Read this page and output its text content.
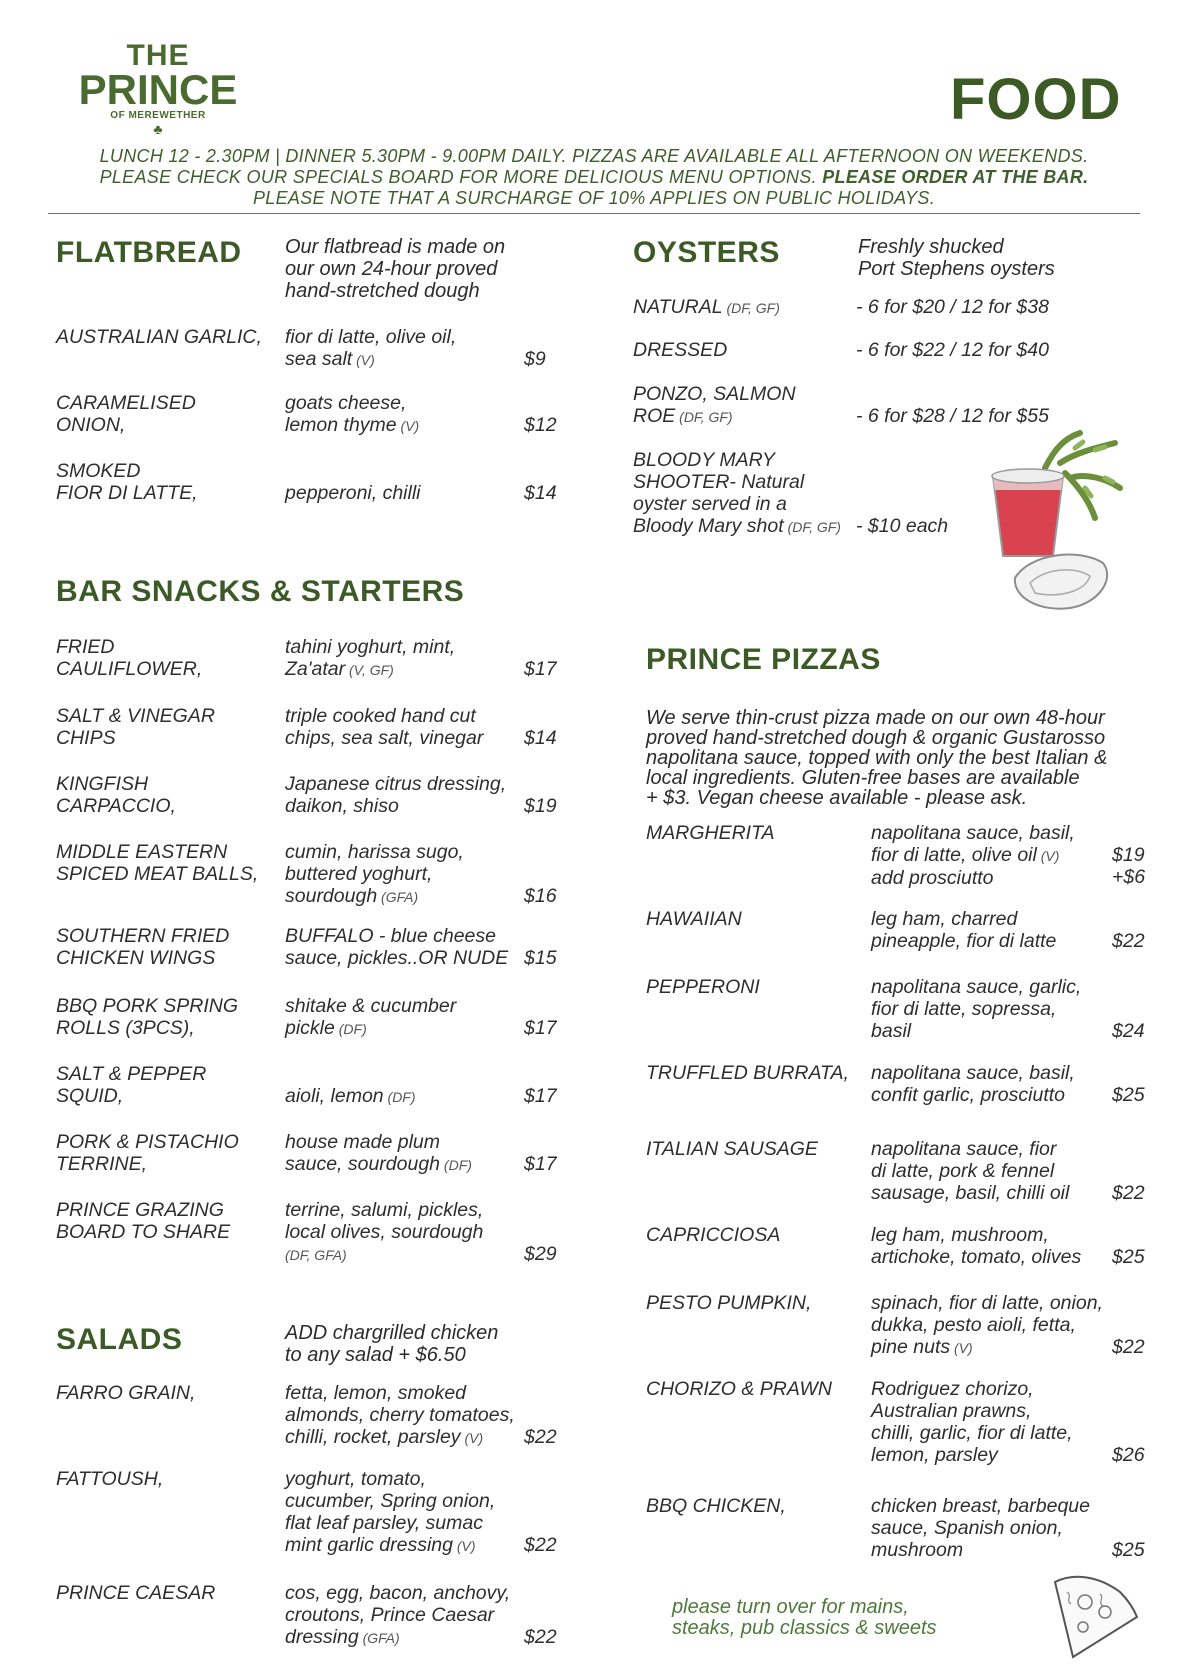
THE
PRINCE
OF MEREWETHER
♣	FOOD
LUNCH 12 - 2.30PM | DINNER 5.30PM - 9.00PM DAILY. PIZZAS ARE AVAILABLE ALL AFTERNOON ON WEEKENDS.
PLEASE CHECK OUR SPECIALS BOARD FOR MORE DELICIOUS MENU OPTIONS. PLEASE ORDER AT THE BAR.
PLEASE NOTE THAT A SURCHARGE OF 10% APPLIES ON PUBLIC HOLIDAYS.
FLATBREAD Our flatbread is made on
our own 24-hour proved
hand-stretched dough
AUSTRALIAN GARLIC,	fior di latte, olive oil,
sea salt (V)	$9
CARAMELISED
ONION,
goats cheese,
lemon thyme (V)	$12
SMOKED
FIOR DI LATTE,
	pepperoni, chilli	$14
BAR SNACKS & STARTERS
FRIED
CAULIFLOWER,
tahini yoghurt, mint,
Za'atar (V, GF)	$17
SALT & VINEGAR
CHIPS
triple cooked hand cut
chips, sea salt, vinegar	$14
KINGFISH
CARPACCIO,
Japanese citrus dressing,
daikon, shiso	$19
MIDDLE EASTERN
SPICED MEAT BALLS,
cumin, harissa sugo,
buttered yoghurt,
sourdough (GFA)	$16
SOUTHERN FRIED
CHICKEN WINGS
BUFFALO - blue cheese
sauce, pickles..OR NUDE $15
BBQ PORK SPRING
ROLLS (3PCS),
shitake & cucumber
pickle (DF)	$17
SALT & PEPPER
SQUID,
	aioli, lemon (DF)	$17
PORK & PISTACHIO
TERRINE,
house made plum
sauce, sourdough (DF)	$17
PRINCE GRAZING
BOARD TO SHARE
terrine, salumi, pickles,
local olives, sourdough
(DF, GFA)	$29
SALADS	ADD chargrilled chicken
to any salad + $6.50
FARRO GRAIN,	fetta, lemon, smoked
almonds, cherry tomatoes,
chilli, rocket, parsley (V)	$22
FATTOUSH,	yoghurt, tomato,
cucumber, Spring onion,
flat leaf parsley, sumac
mint garlic dressing (V)	$22
PRINCE CAESAR	cos, egg, bacon, anchovy,
croutons, Prince Caesar
dressing (GFA)	$22
OYSTERS	Freshly shucked
Port Stephens oysters
NATURAL (DF, GF)	- 6 for $20 / 12 for $38
DRESSED	- 6 for $22 / 12 for $40
PONZO, SALMON
ROE (DF, GF)	- 6 for $28 / 12 for $55
BLOODY MARY
SHOOTER- Natural
oyster served in a
Bloody Mary shot (DF, GF) - $10 each
PRINCE PIZZAS
We serve thin-crust pizza made on our own 48-hour
proved hand-stretched dough & organic Gustarosso
napolitana sauce, topped with only the best Italian &
local ingredients. Gluten-free bases are available
+ $3. Vegan cheese available - please ask.
MARGHERITA	napolitana sauce, basil,
fior di latte, olive oil (V)
add prosciutto
$19
+$6
HAWAIIAN	leg ham, charred
pineapple, fior di latte	$22
PEPPERONI	napolitana sauce, garlic,
fior di latte, sopressa,
basil	$24
TRUFFLED BURRATA,	napolitana sauce, basil,
confit garlic, prosciutto	$25
ITALIAN SAUSAGE	napolitana sauce, fior
di latte, pork & fennel
sausage, basil, chilli oil	$22
CAPRICCIOSA	leg ham, mushroom,
artichoke, tomato, olives	$25
PESTO PUMPKIN,	spinach, fior di latte, onion,
dukka, pesto aioli, fetta,
pine nuts (V)	$22
CHORIZO & PRAWN	Rodriguez chorizo,
Australian prawns,
chilli, garlic, fior di latte,
lemon, parsley	$26
BBQ CHICKEN,	chicken breast, barbeque
sauce, Spanish onion,
mushroom	$25
please turn over for mains,
steaks, pub classics & sweets
